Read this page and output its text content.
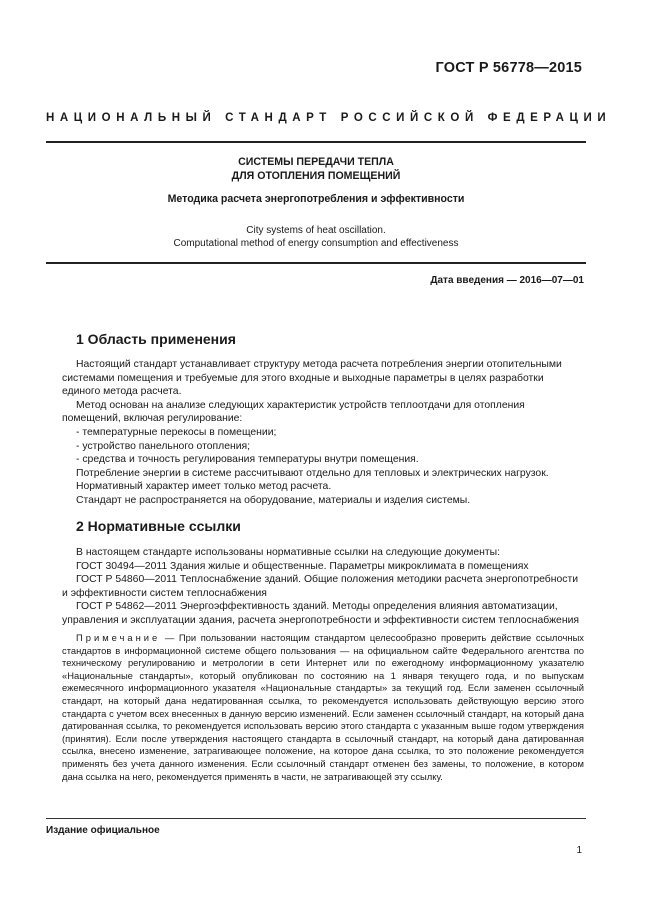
ГОСТ Р 56778—2015
НАЦИОНАЛЬНЫЙ СТАНДАРТ РОССИЙСКОЙ ФЕДЕРАЦИИ
СИСТЕМЫ ПЕРЕДАЧИ ТЕПЛА
ДЛЯ ОТОПЛЕНИЯ ПОМЕЩЕНИЙ
Методика расчета энергопотребления и эффективности
City systems of heat oscillation.
Computational method of energy consumption and effectiveness
Дата введения — 2016—07—01
1 Область применения

Настоящий стандарт устанавливает структуру метода расчета потребления энергии отопительными системами помещения и требуемые для этого входные и выходные параметры в целях разработки единого метода расчета.

Метод основан на анализе следующих характеристик устройств теплоотдачи для отопления помещений, включая регулирование:

- температурные перекосы в помещении;

- устройство панельного отопления;

- средства и точность регулирования температуры внутри помещения.

Потребление энергии в системе рассчитывают отдельно для тепловых и электрических нагрузок.

Нормативный характер имеет только метод расчета.

Стандарт не распространяется на оборудование, материалы и изделия системы.

2 Нормативные ссылки

В настоящем стандарте использованы нормативные ссылки на следующие документы:

ГОСТ 30494—2011 Здания жилые и общественные. Параметры микроклимата в помещениях

ГОСТ Р 54860—2011 Теплоснабжение зданий. Общие положения методики расчета энергопотребности и эффективности систем теплоснабжения

ГОСТ Р 54862—2011 Энергоэффективность зданий. Методы определения влияния автоматизации, управления и эксплуатации здания, расчета энергопотребности и эффективности систем теплоснабжения

Примечание — При пользовании настоящим стандартом целесообразно проверить действие ссылочных стандартов в информационной системе общего пользования — на официальном сайте Федерального агентства по техническому регулированию и метрологии в сети Интернет или по ежегодному информационному указателю «Национальные стандарты», который опубликован по состоянию на 1 января текущего года, и по выпускам ежемесячного информационного указателя «Национальные стандарты» за текущий год. Если заменен ссылочный стандарт, на который дана недатированная ссылка, то рекомендуется использовать действующую версию этого стандарта с учетом всех внесенных в данную версию изменений. Если заменен ссылочный стандарт, на который дана датированная ссылка, то рекомендуется использовать версию этого стандарта с указанным выше годом утверждения (принятия). Если после утверждения настоящего стандарта в ссылочный стандарт, на который дана датированная ссылка, внесено изменение, затрагивающее положение, на которое дана ссылка, то это положение рекомендуется применять без учета данного изменения. Если ссылочный стандарт отменен без замены, то положение, в котором дана ссылка на него, рекомендуется применять в части, не затрагивающей эту ссылку.
Издание официальное
1
